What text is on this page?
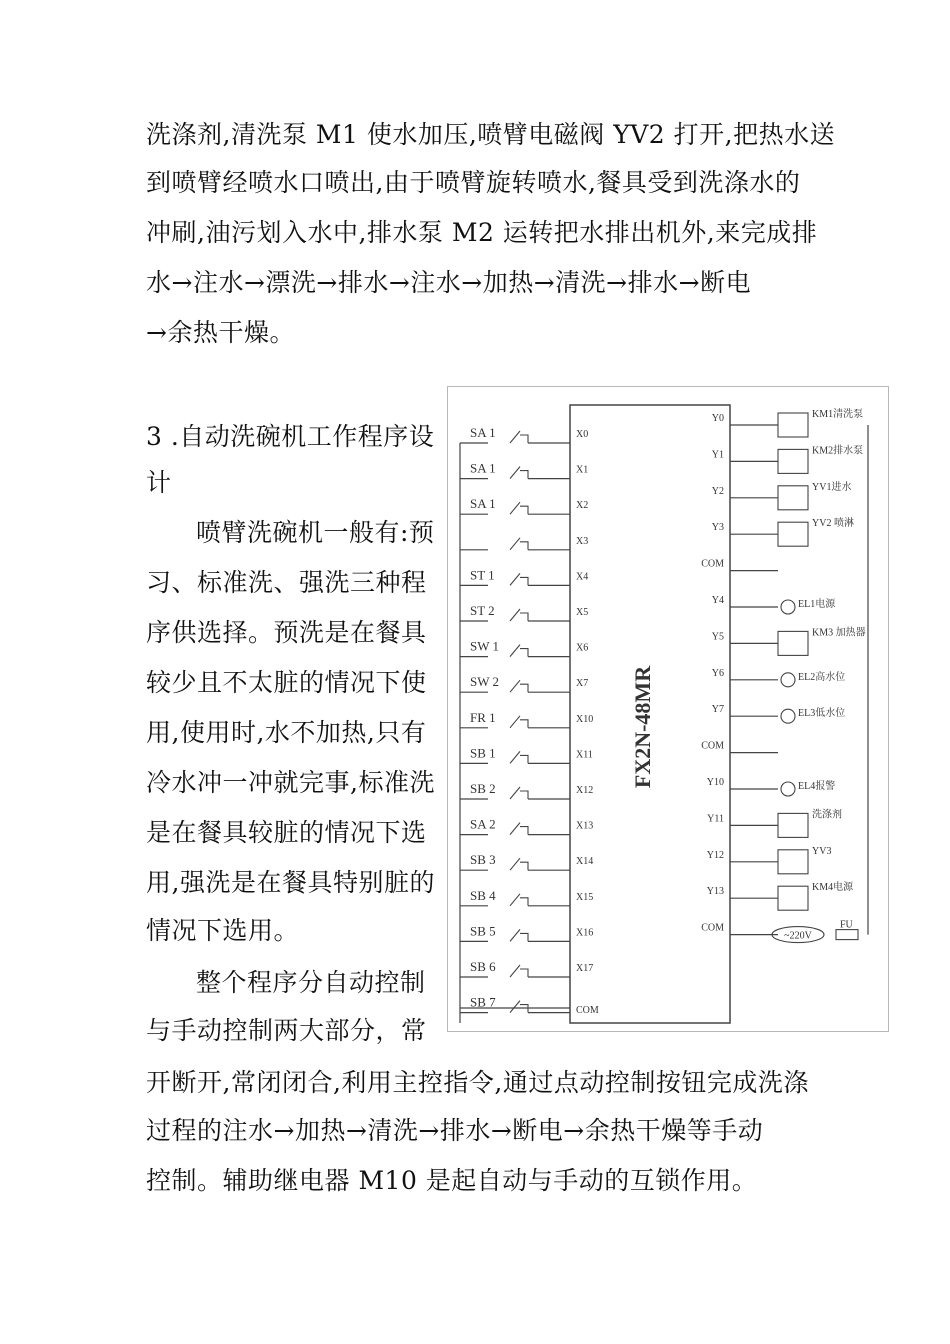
洗涤剂,清洗泵 M1 使水加压,喷臂电磁阀 YV2 打开,把热水送
到喷臂经喷水口喷出,由于喷臂旋转喷水,餐具受到洗涤水的
冲刷,油污划入水中,排水泵 M2 运转把水排出机外,来完成排
水→注水→漂洗→排水→注水→加热→清洗→排水→断电
→余热干燥。
3 .自动洗碗机工作程序设
计
喷臂洗碗机一般有:预
习、标准洗、强洗三种程
序供选择。预洗是在餐具
较少且不太脏的情况下使
用,使用时,水不加热,只有
冷水冲一冲就完事,标准洗
是在餐具较脏的情况下选
用,强洗是在餐具特别脏的
情况下选用。
整个程序分自动控制
与手动控制两大部分，常
开断开,常闭闭合,利用主控指令,通过点动控制按钮完成洗涤
过程的注水→加热→清洗→排水→断电→余热干燥等手动
控制。辅助继电器 M10 是起自动与手动的互锁作用。
FX2N-48MR
X0
SA 1
X1
SA 1
X2
SA 1
X3
X4
ST 1
X5
ST 2
X6
SW 1
X7
SW 2
X10
FR 1
X11
SB 1
X12
SB 2
X13
SA 2
X14
SB 3
X15
SB 4
X16
SB 5
X17
SB 6
SB 7
COM
Y0	KM1清洗泵
Y1	KM2排水泵
Y2	YV1进水
Y3	YV2 喷淋
COM
Y4	EL1电源
Y5	KM3 加热器
Y6	EL2高水位
Y7	EL3低水位
COM
Y10	EL4报警
Y11	洗涤剂
Y12	YV3
Y13	KM4电源
COM
~220V
FU
